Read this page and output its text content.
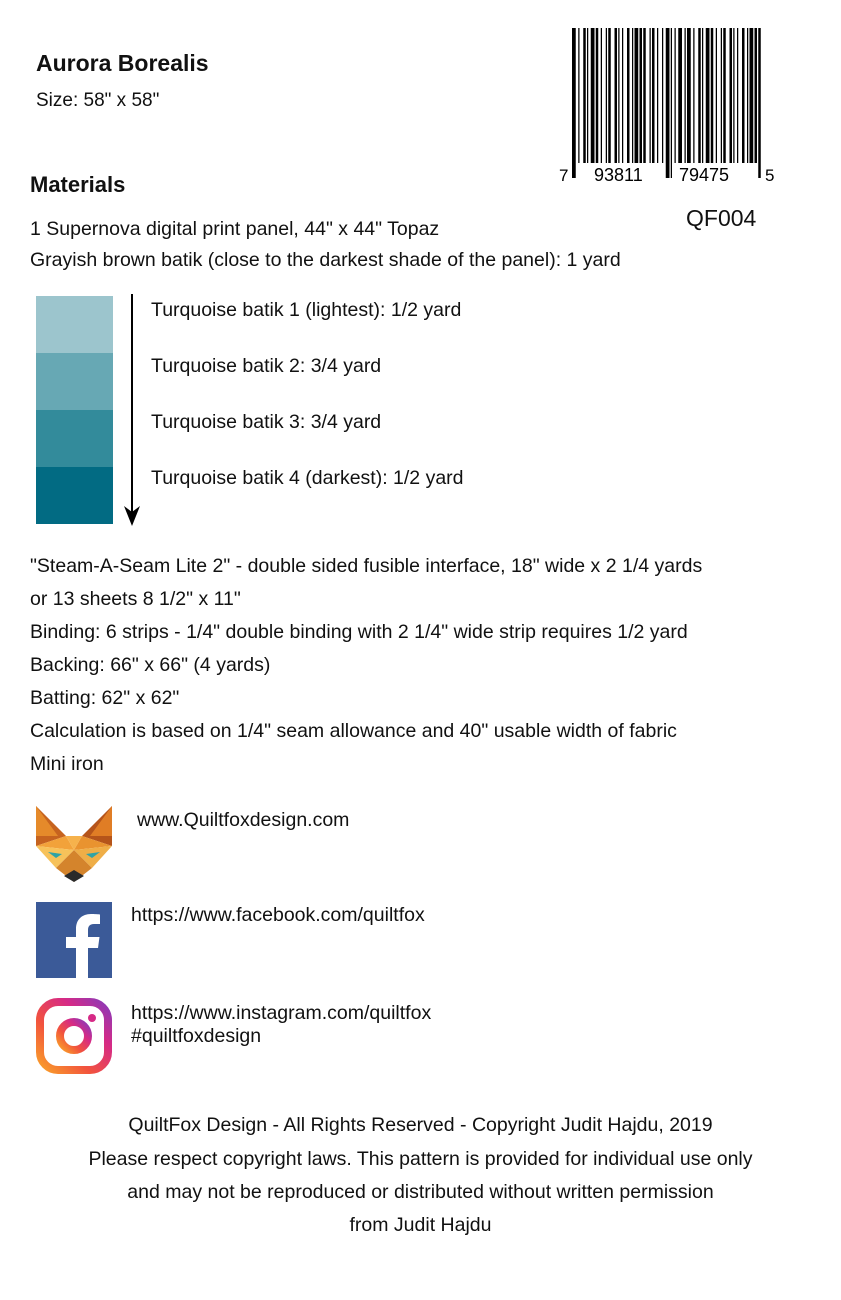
Aurora Borealis
Size: 58" x 58"
7 93811 79475 5
QF004
Materials
1 Supernova digital print panel, 44" x 44" Topaz
Grayish brown batik (close to the darkest shade of the panel): 1 yard
Turquoise batik 1 (lightest): 1/2 yard
Turquoise batik 2: 3/4 yard
Turquoise batik 3: 3/4 yard
Turquoise batik 4 (darkest): 1/2 yard
"Steam-A-Seam Lite 2" - double sided fusible interface, 18" wide x 2 1/4 yards
or 13 sheets 8 1/2" x 11"
Binding: 6 strips - 1/4" double binding with 2 1/4" wide strip requires 1/2 yard
Backing: 66" x 66" (4 yards)
Batting: 62" x 62"
Calculation is based on 1/4" seam allowance and 40" usable width of fabric
Mini iron
www.Quiltfoxdesign.com
https://www.facebook.com/quiltfox
https://www.instagram.com/quiltfox
#quiltfoxdesign
QuiltFox Design - All Rights Reserved - Copyright Judit Hajdu, 2019
Please respect copyright laws. This pattern is provided for individual use only
and may not be reproduced or distributed without written permission
from Judit Hajdu
